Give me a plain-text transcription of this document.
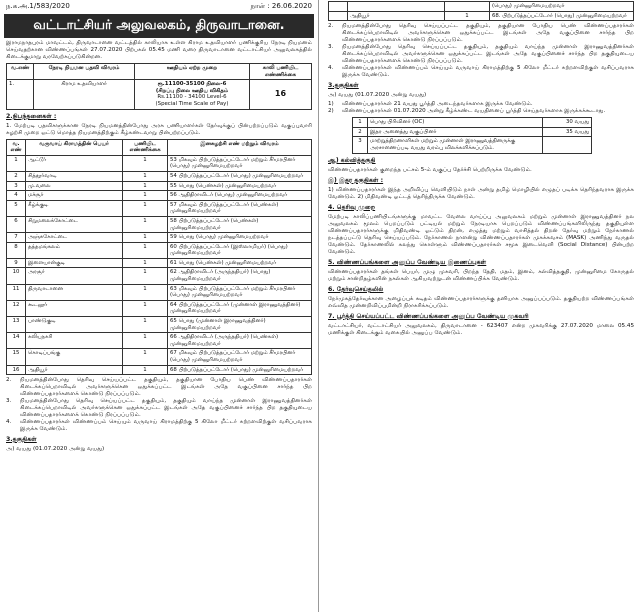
ந.க.அ.1/583/2020	நாள் : 26.06.2020
வட்டாட்சியர் அலுவலகம், திருவாடானை.

இராமநாதபுரம் மாவட்டம், திருவாடானை வட்டத்தில் காலியாக உள்ள கிராம உதவியாளர் பணிக்குரிய நேரடி நியமனம் செய்வதற்கான விண்ணப்பங்கள் 27.07.2020 பிற்பகல் 05.45 மணி வரை திருவாடானை வட்டாட்சியர் அலுவலகத்தில் கிடைக்குமாறு வரவேற்கப்படுகின்றன.

வ.எண்	நேரடி நியமன பதவி விவரம்	ஊதியம் ஏற்ற முறை	காலி பணியிட எண்ணிக்கை
1.	கிராம உதவியாளர்	ரூ.11100-35100 நிலை-6
(சிறப்பு நிலை ஊதிய விகிதம்
Rs.11100 - 34100 Level-6
(Special Time Scale of Pay)	16
2.நிபந்தனைகள் :

1. மேற்படி பதவிகளுக்கான நேரடி நியமனத்தின்போது அரசு பணியாளர்கள் தேர்வுக்குப் பின்பற்றப்படும் வகுப்புவாரி சுழற்சி முறை ஒட்டு மொத்த நியமனத்திற்கும் கீழ்கண்டவாறு பின்பற்றப்படும்.

வ. எண்	வருவாய் கிராமத்தின் பெயர்	பணியிட எண்ணிக்கை	இனசுழற்சி எண் மற்றும் விவரம்
1	ஆட்டூர்	1	53 மிகவும் பிற்படுத்தப்பட்டோர் மற்றும் சீர்மரபினர் (பொது) முன்னுரிமையற்றவர்
2	சித்தூர்வாடி	1	54 பிற்படுத்தப்பட்டோர் (பொது) முன்னுரிமையற்றவர்
3	மு.வலை	1	55 பொது (பெண்கள்) முன்னுரிமையற்றவர்
4	மச்சூர்	1	56 ஆதிதிராவிடர் (பொது) முன்னுரிமையற்றவர்
5	கீழ்க்குடி	1	57 மிகவும் பிற்படுத்தப்பட்டோர் (பெண்கள்) முன்னுரிமையற்றவர்
6	சிறுமலைக்கோட்டை	1	58 பிற்படுத்தப்பட்டோர் (பெண்கள்) முன்னுரிமையற்றவர்
7	அஞ்சுகோட்டை	1	59 பொது (பொது) முன்னுரிமையற்றவர்
8	தத்தமங்கலம்	1	60 பிற்படுத்தப்பட்டோர் (இஸ்லாமியர்) (பொது) முன்னுரிமையற்றவர்
9	இளையான்குடி	1	61 பொது (பெண்கள்) முன்னுரிமையற்றவர்
10	அரசூர்	1	62 ஆதிதிராவிடர் (அருந்ததியர்) (பொது) முன்னுரிமையற்றவர்
11	திருவாடானை	1	63 மிகவும் பிற்படுத்தப்பட்டோர் மற்றும் சீர்மரபினர் (பொது) முன்னுரிமையற்றவர்
12	கூடலூர்	1	64 பிற்படுத்தப்பட்டோர் (முன்னாள் இராணுவத்தினர்) முன்னுரிமையற்றவர்
13	பாண்டுகுடி	1	65 பொது (முன்னாள் இராணுவத்தினர்) முன்னுரிமையற்றவர்
14	கலியநகரி	1	66 ஆதிதிராவிடர் (அருந்ததியர்) (பெண்கள்) முன்னுரிமையற்றவர்
15	கொடிப்பங்கு	1	67 மிகவும் பிற்படுத்தப்பட்டோர் மற்றும் சீர்மரபினர் (பொது) முன்னுரிமையற்றவர்
16	ஆதியூர்	1	68 பிற்படுத்தப்பட்டோர் (பொது) முன்னுரிமையற்றவர்
2.	நியமனத்தின்போது தெரிவு செய்யப்பட்ட தகுதியும், தகுதியான போதிய பெண் விண்ணப்பதாரர்கள் கிடைக்கப்பெறாவிடில் அவர்களுக்கென ஒதுக்கப்பட்ட இடங்கள் அதே வகுப்பினை சார்ந்த பிற விண்ணப்பதாரர்களைக் கொண்டு நிரப்பப்படும்.
3.	நியமனத்தின்போது தெரிவு செய்யப்பட்ட தகுதியும், தகுதியும் வாய்ந்த முன்னாள் இராணுவத்தினர்கள் கிடைக்கப்பெறாவிடில் அவர்களுக்கென ஒதுக்கப்பட்ட இடங்கள் அதே வகுப்பினைச் சார்ந்த பிற தகுதியுடைய விண்ணப்பதாரர்களைக் கொண்டு நிரப்பப்படும்.
4.	விண்ணப்பதாரர்கள் விண்ணப்பம் செய்யும் வருவாய் கிராமத்திற்கு 5 கிலோ மீட்டர் சுற்றளவிற்குள் வசிப்பவராக இருக்க வேண்டும்.
3.தகுதிகள்

அ) வயது (01.07.2020 அன்று வயது)

			(பொது) முன்னுரிமையற்றவர்
	ஆதியூர்	1	68. பிற்படுத்தப்பட்டோர் (பொது) முன்னுரிமையற்றவர்
2.	நியமனத்தின்போது தெரிவு செய்யப்பட்ட தகுதியும், தகுதியான போதிய பெண் விண்ணப்பதாரர்கள் கிடைக்கப்பெறாவிடில் அவர்களுக்கென ஒதுக்கப்பட்ட இடங்கள் அதே வகுப்பினை சார்ந்த பிற விண்ணப்பதாரர்களைக் கொண்டு நிரப்பப்படும்.
3.	நியமனத்தின்போது தெரிவு செய்யப்பட்ட தகுதியும், தகுதியும் வாய்ந்த முன்னாள் இராணுவத்தினர்கள் கிடைக்கப்பெறாவிடில் அவர்களுக்கென ஒதுக்கப்பட்ட இடங்கள் அதே வகுப்பினைச் சார்ந்த பிற தகுதியுடைய விண்ணப்பதாரர்களைக் கொண்டு நிரப்பப்படும்.
4.	விண்ணப்பதாரர்கள் விண்ணப்பம் செய்யும் வருவாய் கிராமத்திற்கு 5 கிலோ மீட்டர் சுற்றளவிற்குள் வசிப்பவராக இருக்க வேண்டும்.
3.தகுதிகள்

அ) வயது (01.07.2020 அன்று வயது)

1)	விண்ணப்பதாரர்கள் 21 வயது பூர்த்தி அடைந்தவர்களாக இருக்க வேண்டும்.
2)	விண்ணப்பதாரர்கள் 01.07.2020 அன்று கீழ்க்கண்ட வயதினைப் பூர்த்தி செய்தவர்களாக இருக்கக்கூடாது.
1	பொது பிரிவினர் (OC)	30 வயது
2	இதர அனைத்து வகுப்பினர்	35 வயது
3	மாற்றுத்திறனாளிகள் மற்றும் முன்னாள் இராணுவத்தினருக்கு அரசாணைப்படி வயது வரம்பு விலக்களிக்கப்படும்.	
ஆ) கல்வித்தகுதி

விண்ணப்பதாரர்கள் குறைந்த பட்சம் 5-ம் வகுப்பு தேர்ச்சி பெற்றிருக்க வேண்டும்.

இ) இதர தகுதிகள் :

1) விண்ணப்பதாரர்கள் இந்த அறிவிப்பு வெளியிடும் நாள் அன்று தமிழ் மொழியில் எழுதப் படிக்க தெரிந்தவராக இருக்க வேண்டும். 2) மிதிவண்டி ஓட்டத் தெரிந்திருக்க வேண்டும்.

4. தெரிவு முறை

மேற்படி காலிப்பணியிடங்களுக்கு மாவட்ட வேலை வாய்ப்பு அலுவலகம் மற்றும் முன்னாள் இராணுவத்தினர் நல அலுவலகம் மூலம் பெறப்படும் பட்டியல் மற்றும் நேரடியாக பெறப்படும் விண்ணப்பங்களிலிருந்து தகுதியுள்ள விண்ணப்பதாரர்களுக்கு மிதிவண்டி ஓட்டும் திறன், எழுத்து மற்றும் வாசித்தல் திறன் தேர்வு மற்றும் நேர்காணல் நடத்தப்பட்டு தெரிவு செய்யப்படும். நேர்காணல் நாளன்று விண்ணப்பதாரர்கள் முகக்கவசம் (MASK) அணிந்து வருதல் வேண்டும். தேர்காணலில் கலந்து கொள்ளும் விண்ணப்பதாரர்கள் சமூக இடைவெளி (Social Distance) பின்பற்ற வேண்டும்.

5. விண்ணப்பங்களை அனுப்ப வேண்டிய இணைப்புகள்

விண்ணப்பதாரர்கள் தங்கள் பெயர், முழு முகவரி, பிறந்த தேதி, மதம், இனம், கல்வித்தகுதி, முன்னுரிமை கோருதல் மற்றும் சான்றிதழ்களின் நகல்கள் ஆகியவற்றுடன் விண்ணப்பிக்க வேண்டும்.

6. தேர்வுசெய்தலில்

நேர்முகத்தேர்வுக்கான அழைப்புக் கடிதம் விண்ணப்பதாரர்களுக்கு தனியாக அனுப்பப்படும். தகுதியற்ற விண்ணப்பங்கள் எவ்வித முன்னறிவிப்புமின்றி நிராகரிக்கப்படும்.

7. பூர்த்தி செய்யப்பட்ட விண்ணப்பங்களை அனுப்ப வேண்டிய முகவரி

வட்டாட்சியர், வட்டாட்சியர் அலுவலகம், திருவாடானை - 623407 என்ற முகவரிக்கு 27.07.2020 மாலை 05.45 மணிக்குள் கிடைக்கும் வகையில் அனுப்ப வேண்டும்.
